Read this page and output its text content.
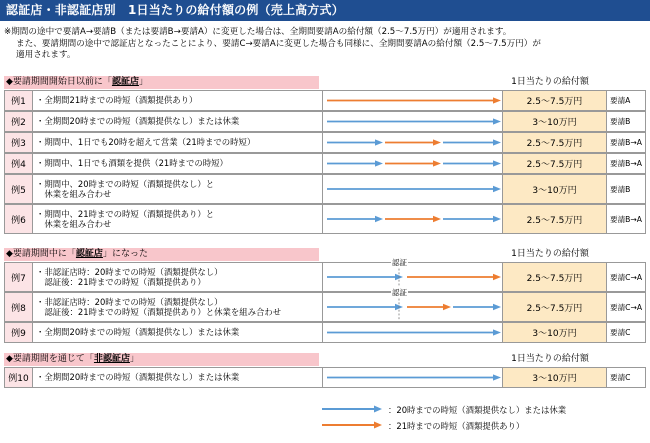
認証店・非認証店別　1日当たりの給付額の例（売上高方式）

※期間の途中で要請A→要請B（または要請B→要請A）に変更した場合は、全期間要請Aの給付額（2.5～7.5万円）が適用されます。

また、要請期間の途中で認証店となったことにより、要請C→要請Aに変更した場合も同様に、全期間要請Aの給付額（2.5～7.5万円）が

適用されます。

◆要請期間開始日以前に「認証店」	1日当たりの給付額
例1	・全期間21時までの時短（酒類提供あり）	2.5～7.5万円	要請A
例2	・全期間20時までの時短（酒類提供なし）または休業	3～10万円	要請B
例3	・期間中、1日でも20時を超えて営業（21時までの時短）	2.5～7.5万円	要請B→A
例4	・期間中、1日でも酒類を提供（21時までの時短）	2.5～7.5万円	要請B→A
例5
・期間中、20時までの時短（酒類提供なし）と
　休業を組み合わせ	3～10万円	要請B
例6
・期間中、21時までの時短（酒類提供あり）と
　休業を組み合わせ	2.5～7.5万円	要請B→A
◆要請期間中に「認証店」になった	1日当たりの給付額
例7
・非認証店時：20時までの時短（酒類提供なし）
　認証後：21時までの時短（酒類提供あり）
認証
2.5～7.5万円	要請C→A
例8
・非認証店時：20時までの時短（酒類提供なし）
　認証後：21時までの時短（酒類提供あり）と休業を組み合わせ
認証
2.5～7.5万円	要請C→A
例9	・全期間20時までの時短（酒類提供なし）または休業	3～10万円	要請C
◆要請期間を通じて「非認証店」	1日当たりの給付額
例10 ・全期間20時までの時短（酒類提供なし）または休業	3～10万円	要請C
：20時までの時短（酒類提供なし）または休業
：21時までの時短（酒類提供あり）
